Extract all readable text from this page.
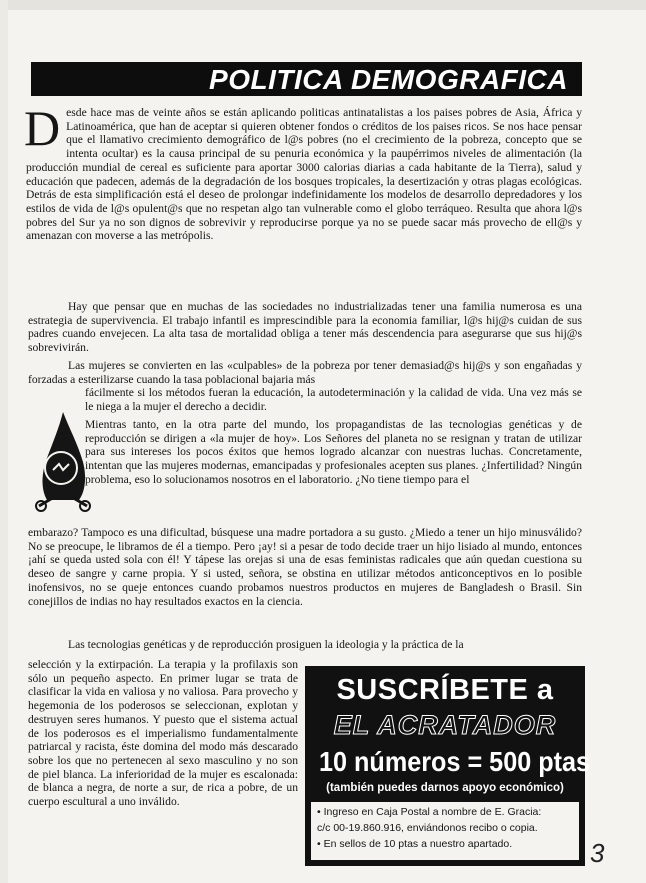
POLITICA DEMOGRAFICA

Desde hace mas de veinte años se están aplicando politicas antinatalistas a los paises pobres de Asia, África y Latinoamérica, que han de aceptar si quieren obtener fondos o créditos de los paises ricos. Se nos hace pensar que el llamativo crecimiento demográfico de l@s pobres (no el crecimiento de la pobreza, concepto que se intenta ocultar) es la causa principal de su penuria económica y la paupérrimos niveles de alimentación (la producción mundial de cereal es suficiente para aportar 3000 calorias diarias a cada habitante de la Tierra), salud y educación que padecen, además de la degradación de los bosques tropicales, la desertización y otras plagas ecológicas. Detrás de esta simplificación está el deseo de prolongar indefinidamente los modelos de desarrollo depredadores y los estilos de vida de l@s opulent@s que no respetan algo tan vulnerable como el globo terráqueo. Resulta que ahora l@s pobres del Sur ya no son dignos de sobrevivir y reproducirse porque ya no se puede sacar más provecho de ell@s y amenazan con moverse a las metrópolis.

Hay que pensar que en muchas de las sociedades no industrializadas tener una familia numerosa es una estrategia de supervivencia. El trabajo infantil es imprescindible para la economia familiar, l@s hij@s cuidan de sus padres cuando envejecen. La alta tasa de mortalidad obliga a tener más descendencia para asegurarse que sus hij@s sobrevivirán.

Las mujeres se convierten en las «culpables» de la pobreza por tener demasiad@s hij@s y son engañadas y forzadas a esterilizarse cuando la tasa poblacional bajaria más

fácilmente si los métodos fueran la educación, la autodeterminación y la calidad de vida. Una vez más se le niega a la mujer el derecho a decidir.

Mientras tanto, en la otra parte del mundo, los propagandistas de las tecnologias genéticas y de reproducción se dirigen a «la mujer de hoy». Los Señores del planeta no se resignan y tratan de utilizar para sus intereses los pocos éxitos que hemos logrado alcanzar con nuestras luchas. Concretamente, intentan que las mujeres modernas, emancipadas y profesionales acepten sus planes. ¿Infertilidad? Ningún problema, eso lo solucionamos nosotros en el laboratorio. ¿No tiene tiempo para el

embarazo? Tampoco es una dificultad, búsquese una madre portadora a su gusto. ¿Miedo a tener un hijo minusválido? No se preocupe, le libramos de él a tiempo. Pero ¡ay! si a pesar de todo decide traer un hijo lisiado al mundo, entonces ¡ahí se queda usted sola con él! Y tápese las orejas si una de esas feministas radicales que aún quedan cuestiona su deseo de sangre y carne propia. Y si usted, señora, se obstina en utilizar métodos anticonceptivos en lo posible inofensivos, no se queje entonces cuando probamos nuestros productos en mujeres de Bangladesh o Brasil. Sin conejillos de indias no hay resultados exactos en la ciencia.

Las tecnologias genéticas y de reproducción prosiguen la ideologia y la práctica de la

selección y la extirpación. La terapia y la profilaxis son sólo un pequeño aspecto. En primer lugar se trata de clasificar la vida en valiosa y no valiosa. Para provecho y hegemonia de los poderosos se seleccionan, explotan y destruyen seres humanos. Y puesto que el sistema actual de los poderosos es el imperialismo fundamentalmente patriarcal y racista, éste domina del modo más descarado sobre los que no pertenecen al sexo masculino y no son de piel blanca. La inferioridad de la mujer es escalonada: de blanca a negra, de norte a sur, de rica a pobre, de un cuerpo escultural a uno inválido.

SUSCRÍBETE a
EL ACRATADOR
10 números = 500 ptas
(también puedes darnos apoyo económico)

• Ingreso en Caja Postal a nombre de E. Gracia:

c/c 00-19.860.916, enviándonos recibo o copia.

• En sellos de 10 ptas a nuestro apartado.	3
